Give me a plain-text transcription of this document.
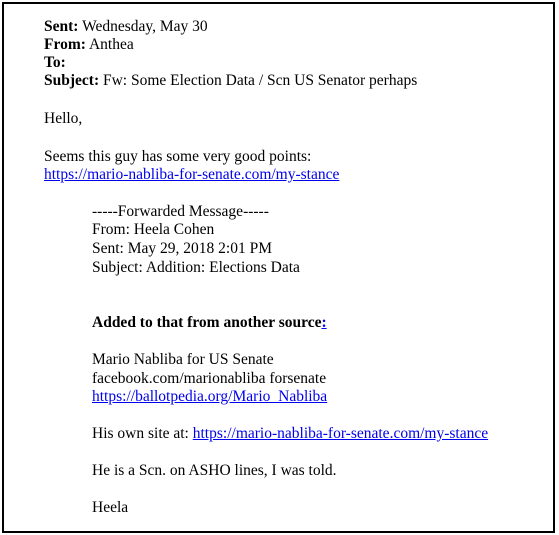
Sent: Wednesday, May 30
From: Anthea
To:
Subject: Fw: Some Election Data / Scn US Senator perhaps
Hello,
Seems this guy has some very good points:
https://mario-nabliba-for-senate.com/my-stance
-----Forwarded Message-----
From: Heela Cohen
Sent: May 29, 2018 2:01 PM
Subject: Addition: Elections Data
Added to that from another source:
Mario Nabliba for US Senate
facebook.com/marionabliba forsenate
https://ballotpedia.org/Mario_Nabliba
His own site at: https://mario-nabliba-for-senate.com/my-stance
He is a Scn. on ASHO lines, I was told.
Heela
